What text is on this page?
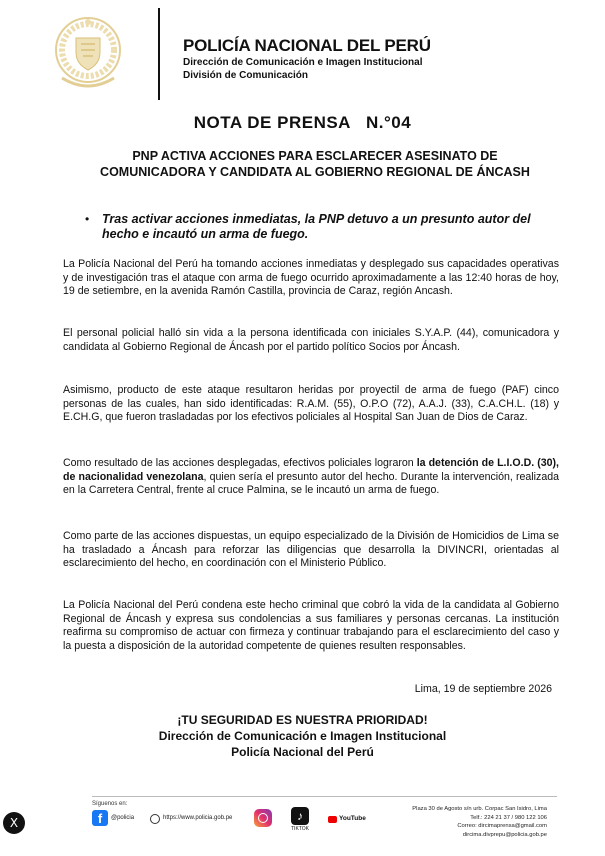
POLICÍA NACIONAL DEL PERÚ
Dirección de Comunicación e Imagen Institucional
División de Comunicación
NOTA DE PRENSA   N.°04
PNP ACTIVA ACCIONES PARA ESCLARECER ASESINATO DE COMUNICADORA Y CANDIDATA AL GOBIERNO REGIONAL DE ÁNCASH
•	Tras activar acciones inmediatas, la PNP detuvo a un presunto autor del hecho e incautó un arma de fuego.

La Policía Nacional del Perú ha tomando acciones inmediatas y desplegado sus capacidades operativas y de investigación tras el ataque con arma de fuego ocurrido aproximadamente a las 12:40 horas de hoy, 19 de setiembre, en la avenida Ramón Castilla, provincia de Caraz, región Ancash.

El personal policial halló sin vida a la persona identificada con iniciales S.Y.A.P. (44), comunicadora y candidata al Gobierno Regional de Áncash por el partido político Socios por Áncash.

Asimismo, producto de este ataque resultaron heridas por proyectil de arma de fuego (PAF) cinco personas de las cuales, han sido identificadas: R.A.M. (55), O.P.O (72), A.A.J. (33), C.A.CH.L. (18) y E.CH.G, que fueron trasladadas por los efectivos policiales al Hospital San Juan de Dios de Caraz.

Como resultado de las acciones desplegadas, efectivos policiales lograron la detención de L.I.O.D. (30), de nacionalidad venezolana, quien sería el presunto autor del hecho. Durante la intervención, realizada en la Carretera Central, frente al cruce Palmina, se le incautó un arma de fuego.

Como parte de las acciones dispuestas, un equipo especializado de la División de Homicidios de Lima se ha trasladado a Áncash para reforzar las diligencias que desarrolla la DIVINCRI, orientadas al esclarecimiento del hecho, en coordinación con el Ministerio Público.

La Policía Nacional del Perú condena este hecho criminal que cobró la vida de la candidata al Gobierno Regional de Áncash y expresa sus condolencias a sus familiares y personas cercanas. La institución reafirma su compromiso de actuar con firmeza y continuar trabajando para el esclarecimiento del caso y la puesta a disposición de la autoridad competente de quienes resulten responsables.

Lima, 19 de septiembre 2026
¡TU SEGURIDAD ES NUESTRA PRIORIDAD!
Dirección de Comunicación e Imagen Institucional
Policía Nacional del Perú
Síguenos en:
f	@policia	https://www.policia.gob.pe	♪
TIKTOK
YouTube
Plaza 30 de Agosto s/n urb. Corpac San Isidro, Lima
Telf.: 224 21 37 / 980 122 106
Correo: dircimaprensa@gmail.com
dircima.divprepu@policia.gob.pe
X
